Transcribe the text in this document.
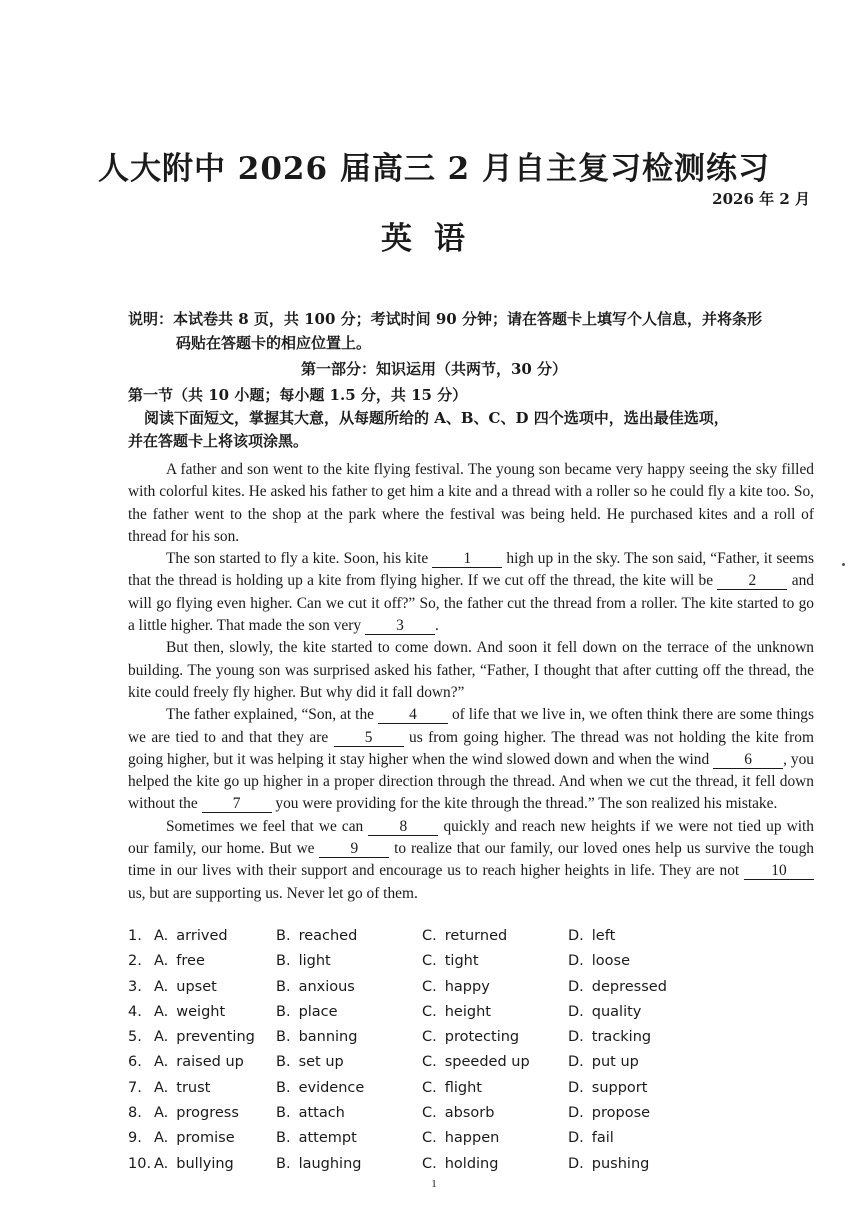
人大附中 2026 届高三 2 月自主复习检测练习
2026 年 2 月
英语
说明：本试卷共 8 页，共 100 分；考试时间 90 分钟；请在答题卡上填写个人信息，并将条形
码贴在答题卡的相应位置上。
第一部分：知识运用（共两节，30 分）
第一节（共 10 小题；每小题 1.5 分，共 15 分）
阅读下面短文，掌握其大意，从每题所给的 A、B、C、D 四个选项中，选出最佳选项，
并在答题卡上将该项涂黑。

A father and son went to the kite flying festival. The young son became very happy seeing the sky filled with colorful kites. He asked his father to get him a kite and a thread with a roller so he could fly a kite too. So, the father went to the shop at the park where the festival was being held. He purchased kites and a roll of thread for his son.

The son started to fly a kite. Soon, his kite 1 high up in the sky. The son said, “Father, it seems that the thread is holding up a kite from flying higher. If we cut off the thread, the kite will be 2 and will go flying even higher. Can we cut it off?” So, the father cut the thread from a roller. The kite started to go a little higher. That made the son very 3 .

But then, slowly, the kite started to come down. And soon it fell down on the terrace of the unknown building. The young son was surprised asked his father, “Father, I thought that after cutting off the thread, the kite could freely fly higher. But why did it fall down?”

The father explained, “Son, at the 4 of life that we live in, we often think there are some things we are tied to and that they are 5 us from going higher. The thread was not holding the kite from going higher, but it was helping it stay higher when the wind slowed down and when the wind 6 , you helped the kite go up higher in a proper direction through the thread. And when we cut the thread, it fell down without the 7 you were providing for the kite through the thread.” The son realized his mistake.

Sometimes we feel that we can 8 quickly and reach new heights if we were not tied up with our family, our home. But we 9 to realize that our family, our loved ones help us survive the tough time in our lives with their support and encourage us to reach higher heights in life. They are not 10 us, but are supporting us. Never let go of them.

1. A. arrived	B. reached	C. returned	D. left
2. A. free	B. light	C. tight	D. loose
3. A. upset	B. anxious	C. happy	D. depressed
4. A. weight	B. place	C. height	D. quality
5. A. preventing B. banning	C. protecting	D. tracking
6. A. raised up B. set up	C. speeded up	D. put up
7. A. trust	B. evidence	C. flight	D. support
8. A. progress	B. attach	C. absorb	D. propose
9. A. promise	B. attempt	C. happen	D. fail
10. A. bullying	B. laughing	C. holding	D. pushing
1
